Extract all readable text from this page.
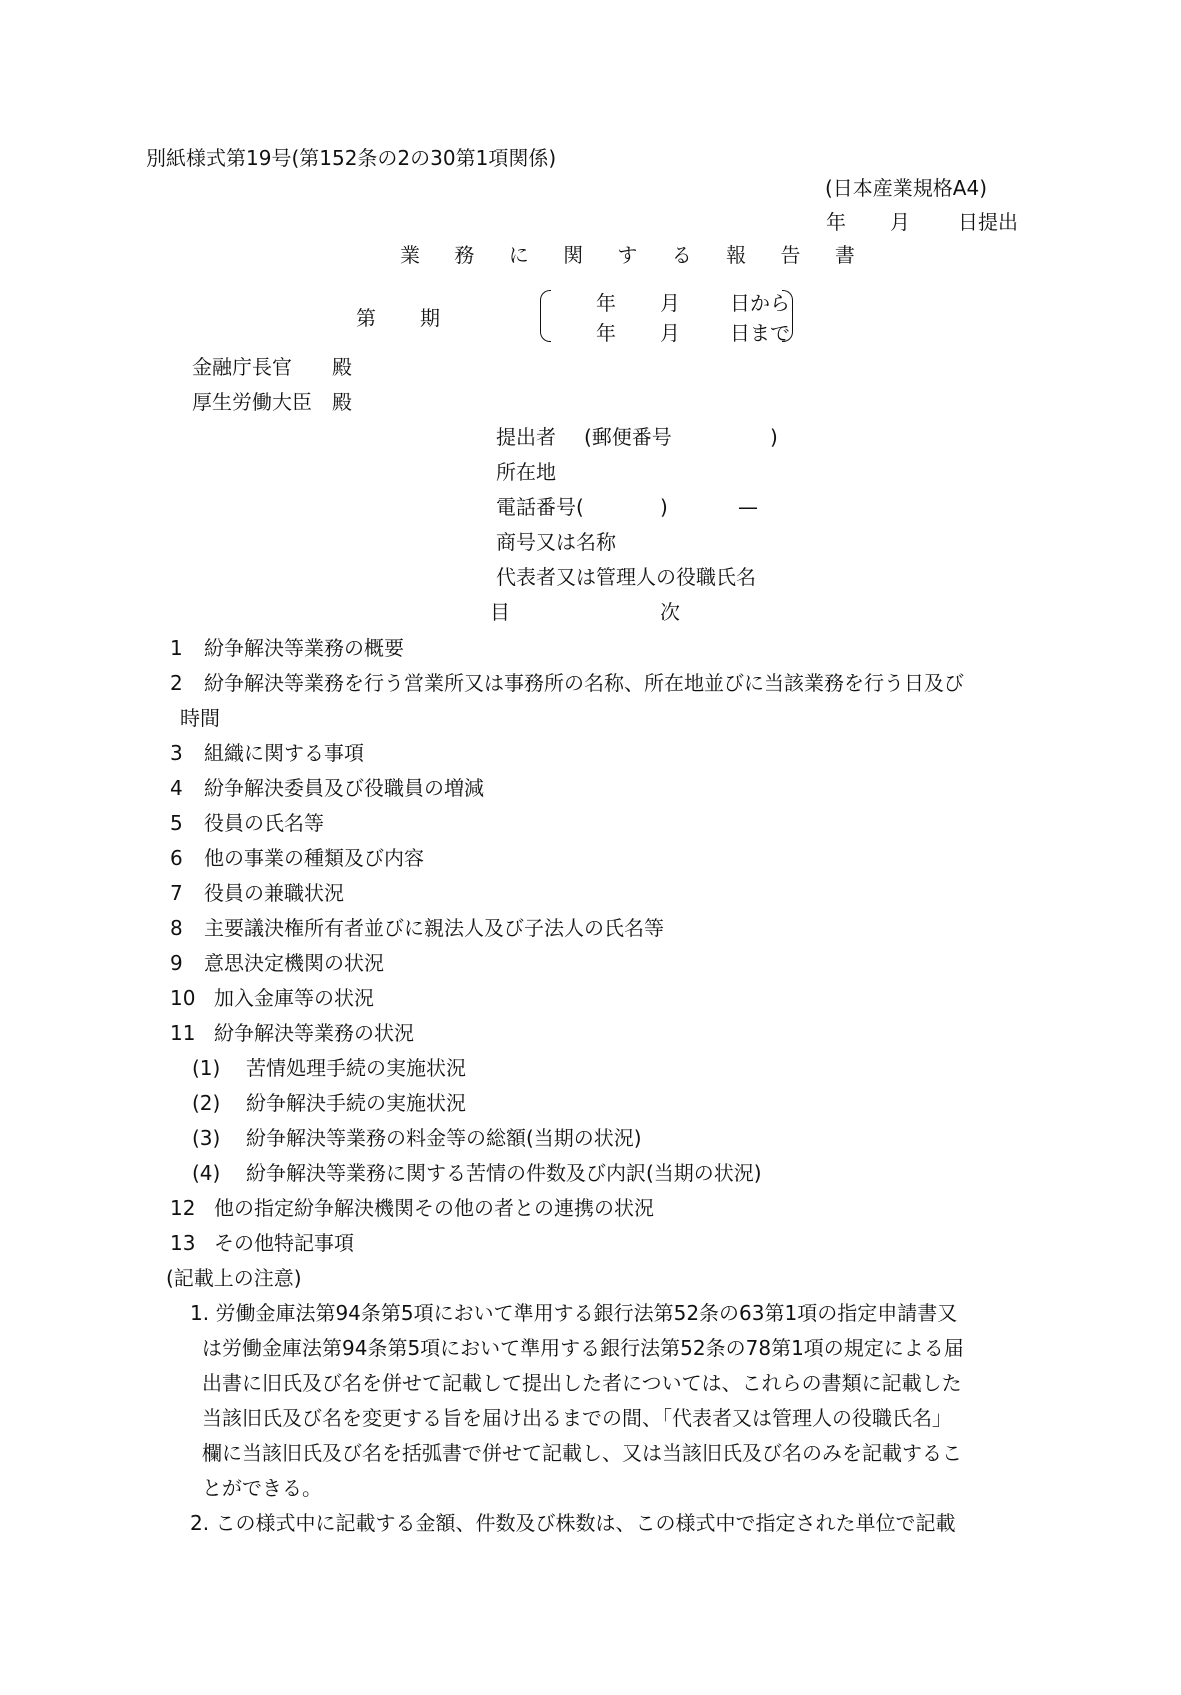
別紙様式第19号(第152条の2の30第1項関係)
(日本産業規格A4)
年 月 日提出
業 務 に 関 す る 報 告 書
第 期
年 月	日から
年 月	日まで
金融庁長官　　殿
厚生労働大臣　殿
提出者 (郵便番号	)
所在地
電話番号(	)	—
商号又は名称
代表者又は管理人の役職氏名
目	次
1 紛争解決等業務の概要
2 紛争解決等業務を行う営業所又は事務所の名称、所在地並びに当該業務を行う日及び
時間
3 組織に関する事項
4 紛争解決委員及び役職員の増減
5 役員の氏名等
6 他の事業の種類及び内容
7 役員の兼職状況
8 主要議決権所有者並びに親法人及び子法人の氏名等
9 意思決定機関の状況
10 加入金庫等の状況
11 紛争解決等業務の状況
(1) 苦情処理手続の実施状況
(2) 紛争解決手続の実施状況
(3) 紛争解決等業務の料金等の総額(当期の状況)
(4) 紛争解決等業務に関する苦情の件数及び内訳(当期の状況)
12 他の指定紛争解決機関その他の者との連携の状況
13 その他特記事項
(記載上の注意)
1. 労働金庫法第94条第5項において準用する銀行法第52条の63第1項の指定申請書又
は労働金庫法第94条第5項において準用する銀行法第52条の78第1項の規定による届
出書に旧氏及び名を併せて記載して提出した者については、これらの書類に記載した
当該旧氏及び名を変更する旨を届け出るまでの間、「代表者又は管理人の役職氏名」
欄に当該旧氏及び名を括弧書で併せて記載し、又は当該旧氏及び名のみを記載するこ
とができる。
2. この様式中に記載する金額、件数及び株数は、この様式中で指定された単位で記載
